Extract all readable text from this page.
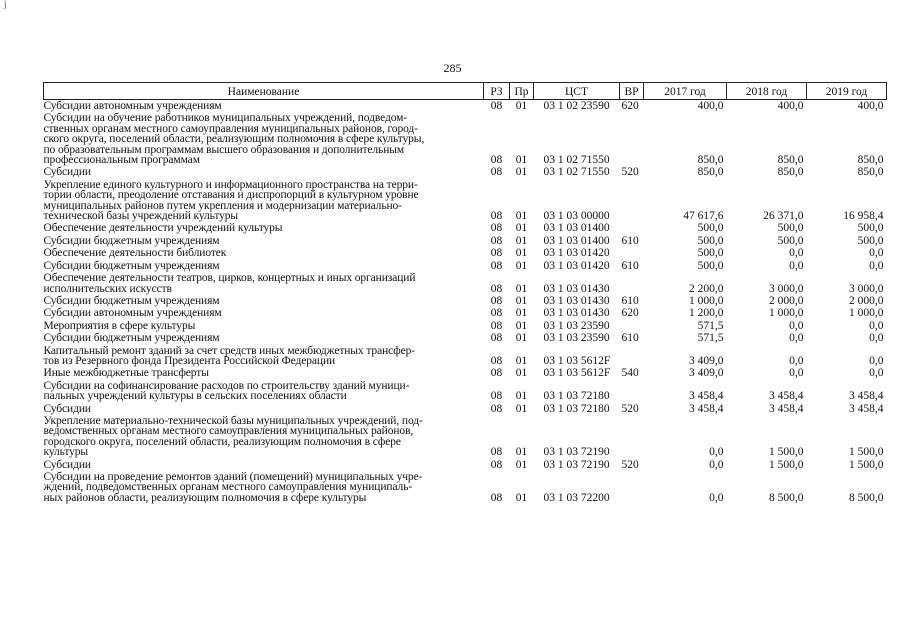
j
285
Наименование	РЗ	Пр	ЦСТ	ВР	2017 год	2018 год	2019 год

Субсидии автономным учреждениям	08	01	03 1 02 23590	620	400,0	400,0	400,0

Субсидии на обучение работников муниципальных учреждений, подведом-
ственных органам местного самоуправления муниципальных районов, город-
ского округа, поселений области, реализующим полномочия в сфере культуры,
по образовательным программам высшего образования и дополнительным
профессиональным программам	08	01	03 1 02 71550		850,0	850,0	850,0

Субсидии	08	01	03 1 02 71550	520	850,0	850,0	850,0

Укрепление единого культурного и информационного пространства на терри-
тории области, преодоление отставания и диспропорций в культурном уровне
муниципальных районов путем укрепления и модернизации материально-
технической базы учреждений культуры	08	01	03 1 03 00000		47 617,6	26 371,0	16 958,4

Обеспечение деятельности учреждений культуры	08	01	03 1 03 01400		500,0	500,0	500,0

Субсидии бюджетным учреждениям	08	01	03 1 03 01400	610	500,0	500,0	500,0

Обеспечение деятельности библиотек	08	01	03 1 03 01420		500,0	0,0	0,0

Субсидии бюджетным учреждениям	08	01	03 1 03 01420	610	500,0	0,0	0,0

Обеспечение деятельности театров, цирков, концертных и иных организаций
исполнительских искусств	08	01	03 1 03 01430		2 200,0	3 000,0	3 000,0

Субсидии бюджетным учреждениям	08	01	03 1 03 01430	610	1 000,0	2 000,0	2 000,0

Субсидии автономным учреждениям	08	01	03 1 03 01430	620	1 200,0	1 000,0	1 000,0

Мероприятия в сфере культуры	08	01	03 1 03 23590		571,5	0,0	0,0

Субсидии бюджетным учреждениям	08	01	03 1 03 23590	610	571,5	0,0	0,0

Капитальный ремонт зданий за счет средств иных межбюджетных трансфер-
тов из Резервного фонда Президента Российской Федерации	08	01	03 1 03 5612F		3 409,0	0,0	0,0

Иные межбюджетные трансферты	08	01	03 1 03 5612F	540	3 409,0	0,0	0,0

Субсидии на софинансирование расходов по строительству зданий муници-
пальных учреждений культуры в сельских поселениях области	08	01	03 1 03 72180		3 458,4	3 458,4	3 458,4

Субсидии	08	01	03 1 03 72180	520	3 458,4	3 458,4	3 458,4

Укрепление материально-технической базы муниципальных учреждений, под-
ведомственных органам местного самоуправления муниципальных районов,
городского округа, поселений области, реализующим полномочия в сфере
культуры	08	01	03 1 03 72190		0,0	1 500,0	1 500,0

Субсидии	08	01	03 1 03 72190	520	0,0	1 500,0	1 500,0

Субсидии на проведение ремонтов зданий (помещений) муниципальных учре-
ждений, подведомственных органам местного самоуправления муниципаль-
ных районов области, реализующим полномочия в сфере культуры	08	01	03 1 03 72200		0,0	8 500,0	8 500,0
